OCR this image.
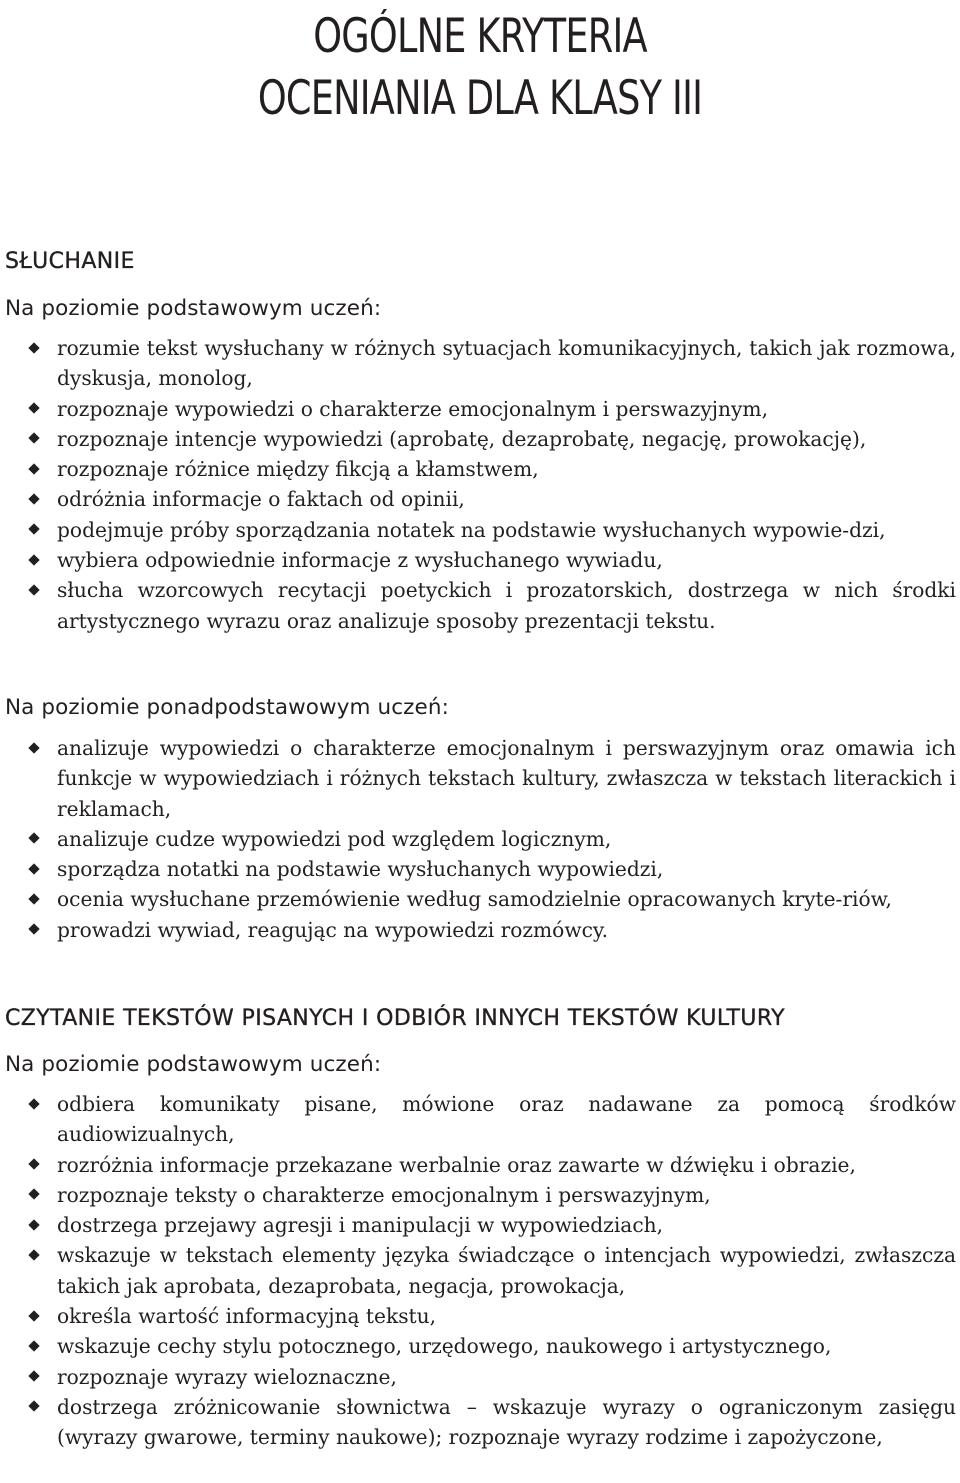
OGÓLNE KRYTERIA
OCENIANIA DLA KLASY III
SŁUCHANIE
Na poziomie podstawowym uczeń:
rozumie tekst wysłuchany w różnych sytuacjach komunikacyjnych, takich jak rozmowa, dyskusja, monolog,
rozpoznaje wypowiedzi o charakterze emocjonalnym i perswazyjnym,
rozpoznaje intencje wypowiedzi (aprobatę, dezaprobatę, negację, prowokację),
rozpoznaje różnice między fikcją a kłamstwem,
odróżnia informacje o faktach od opinii,
podejmuje próby sporządzania notatek na podstawie wysłuchanych wypowie-dzi,
wybiera odpowiednie informacje z wysłuchanego wywiadu,
słucha wzorcowych recytacji poetyckich i prozatorskich, dostrzega w nich środki artystycznego wyrazu oraz analizuje sposoby prezentacji tekstu.
Na poziomie ponadpodstawowym uczeń:
analizuje wypowiedzi o charakterze emocjonalnym i perswazyjnym oraz omawia ich funkcje w wypowiedziach i różnych tekstach kultury, zwłaszcza w tekstach literackich i reklamach,
analizuje cudze wypowiedzi pod względem logicznym,
sporządza notatki na podstawie wysłuchanych wypowiedzi,
ocenia wysłuchane przemówienie według samodzielnie opracowanych kryte-riów,
prowadzi wywiad, reagując na wypowiedzi rozmówcy.
CZYTANIE TEKSTÓW PISANYCH I ODBIÓR INNYCH TEKSTÓW KULTURY
Na poziomie podstawowym uczeń:
odbiera komunikaty pisane, mówione oraz nadawane za pomocą środków audiowizualnych,
rozróżnia informacje przekazane werbalnie oraz zawarte w dźwięku i obrazie,
rozpoznaje teksty o charakterze emocjonalnym i perswazyjnym,
dostrzega przejawy agresji i manipulacji w wypowiedziach,
wskazuje w tekstach elementy języka świadczące o intencjach wypowiedzi, zwłaszcza takich jak aprobata, dezaprobata, negacja, prowokacja,
określa wartość informacyjną tekstu,
wskazuje cechy stylu potocznego, urzędowego, naukowego i artystycznego,
rozpoznaje wyrazy wieloznaczne,
dostrzega zróżnicowanie słownictwa – wskazuje wyrazy o ograniczonym zasięgu (wyrazy gwarowe, terminy naukowe); rozpoznaje wyrazy rodzime i zapożyczone,
